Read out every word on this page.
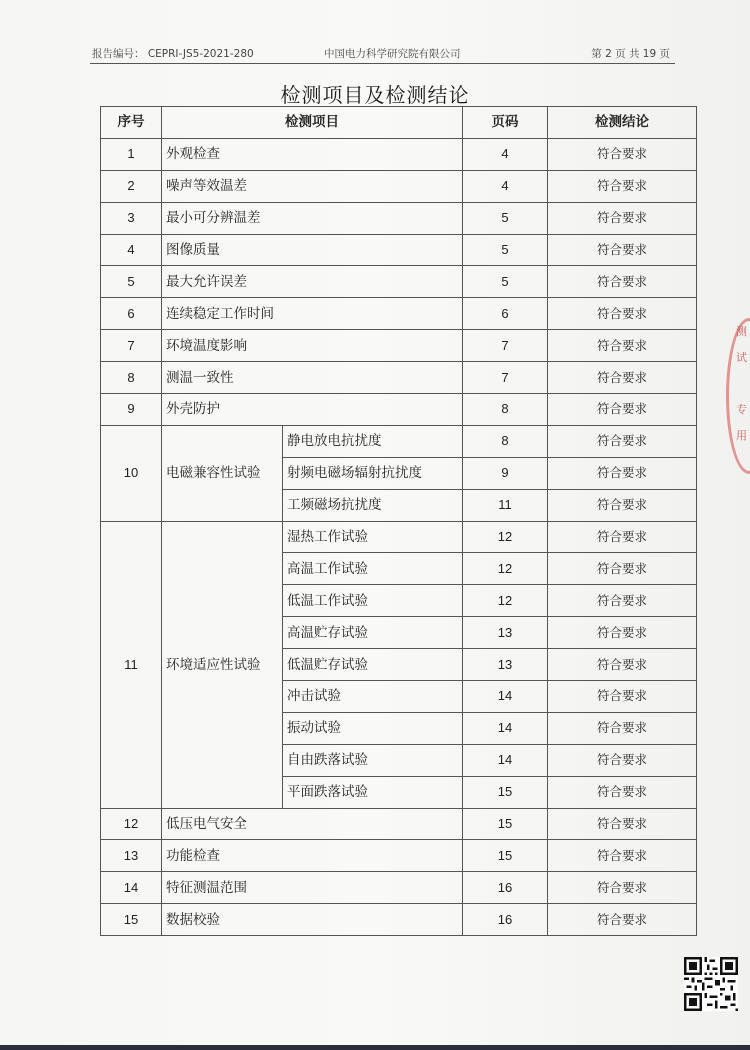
报告编号： CEPRI-JS5-2021-280	中国电力科学研究院有限公司	第 2 页 共 19 页
检测项目及检测结论
序号	检测项目		页码	检测结论
1	外观检查		4	符合要求
2	噪声等效温差		4	符合要求
3	最小可分辨温差		5	符合要求
4	图像质量		5	符合要求
5	最大允许误差		5	符合要求
6	连续稳定工作时间		6	符合要求
7	环境温度影响		7	符合要求
8	测温一致性		7	符合要求
9	外壳防护		8	符合要求
10	电磁兼容性试验	静电放电抗扰度	8	符合要求
		射频电磁场辐射抗扰度	9	符合要求
		工频磁场抗扰度	11	符合要求
11	环境适应性试验	湿热工作试验	12	符合要求
		高温工作试验	12	符合要求
		低温工作试验	12	符合要求
		高温贮存试验	13	符合要求
		低温贮存试验	13	符合要求
		冲击试验	14	符合要求
		振动试验	14	符合要求
		自由跌落试验	14	符合要求
		平面跌落试验	15	符合要求
12	低压电气安全		15	符合要求
13	功能检查		15	符合要求
14	特征测温范围		16	符合要求
15	数据校验		16	符合要求
测

试

专

用
